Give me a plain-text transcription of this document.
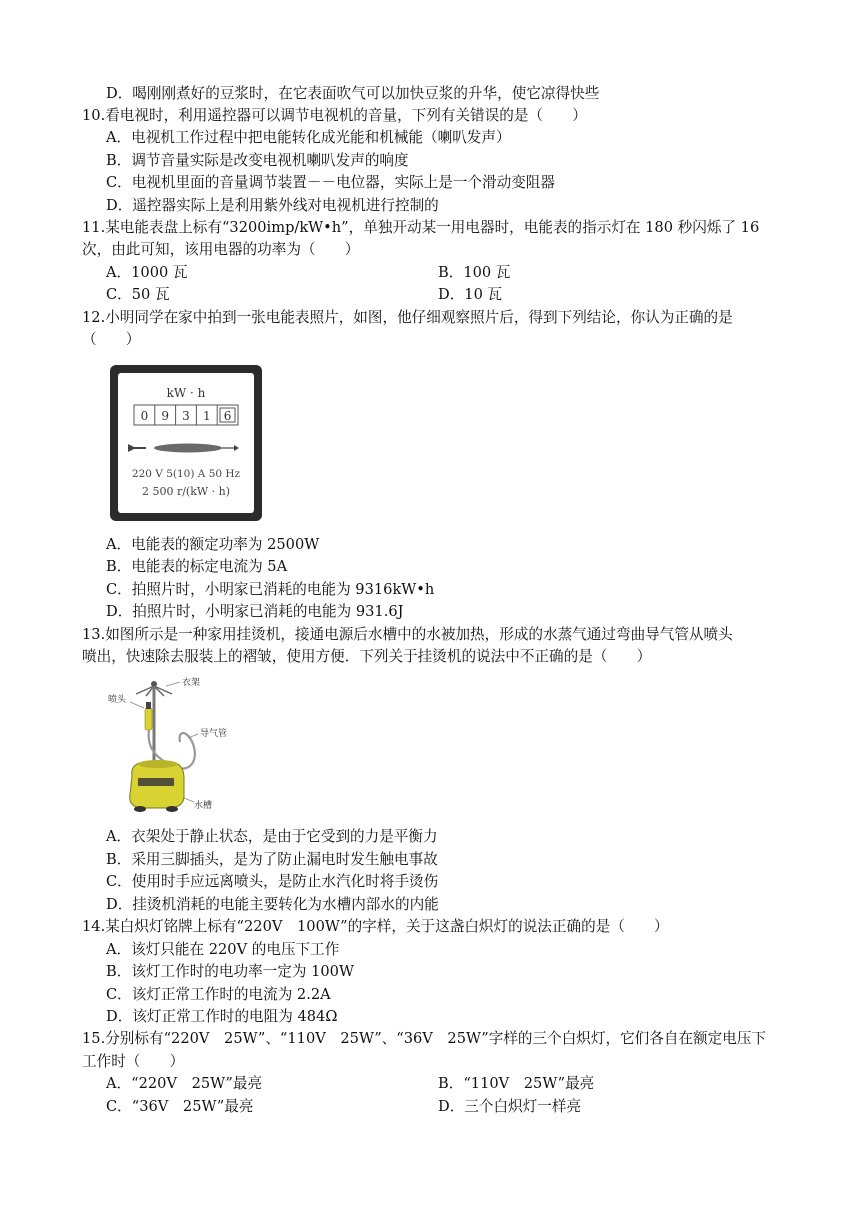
D．喝刚刚煮好的豆浆时，在它表面吹气可以加快豆浆的升华，使它凉得快些
10.看电视时，利用遥控器可以调节电视机的音量，下列有关错误的是（　　）
A．电视机工作过程中把电能转化成光能和机械能（喇叭发声）
B．调节音量实际是改变电视机喇叭发声的响度
C．电视机里面的音量调节装置－－电位器，实际上是一个滑动变阻器
D．遥控器实际上是利用紫外线对电视机进行控制的
11.某电能表盘上标有“3200imp/kW•h”，单独开动某一用电器时，电能表的指示灯在 180 秒闪烁了 16
次，由此可知，该用电器的功率为（　　）
A．1000 瓦	B．100 瓦
C．50 瓦	D．10 瓦
12.小明同学在家中拍到一张电能表照片，如图，他仔细观察照片后，得到下列结论，你认为正确的是
（　　）
kW · h
0 9 3 1 6
220 V 5(10) A 50 Hz
2 500 r/(kW · h)
A．电能表的额定功率为 2500W
B．电能表的标定电流为 5A
C．拍照片时，小明家已消耗的电能为 9316kW•h
D．拍照片时，小明家已消耗的电能为 931.6J
13.如图所示是一种家用挂烫机，接通电源后水槽中的水被加热，形成的水蒸气通过弯曲导气管从喷头
喷出，快速除去服装上的褶皱，使用方便．下列关于挂烫机的说法中不正确的是（　　）
衣架
喷头
导气管
水槽
A．衣架处于静止状态，是由于它受到的力是平衡力
B．采用三脚插头，是为了防止漏电时发生触电事故
C．使用时手应远离喷头，是防止水汽化时将手烫伤
D．挂烫机消耗的电能主要转化为水槽内部水的内能
14.某白炽灯铭牌上标有“220V　100W”的字样，关于这盏白炽灯的说法正确的是（　　）
A．该灯只能在 220V 的电压下工作
B．该灯工作时的电功率一定为 100W
C．该灯正常工作时的电流为 2.2A
D．该灯正常工作时的电阻为 484Ω
15.分别标有“220V　25W”、“110V　25W”、“36V　25W”字样的三个白炽灯，它们各自在额定电压下
工作时（　　）
A．“220V　25W”最亮	B．“110V　25W”最亮
C．“36V　25W”最亮	D．三个白炽灯一样亮
